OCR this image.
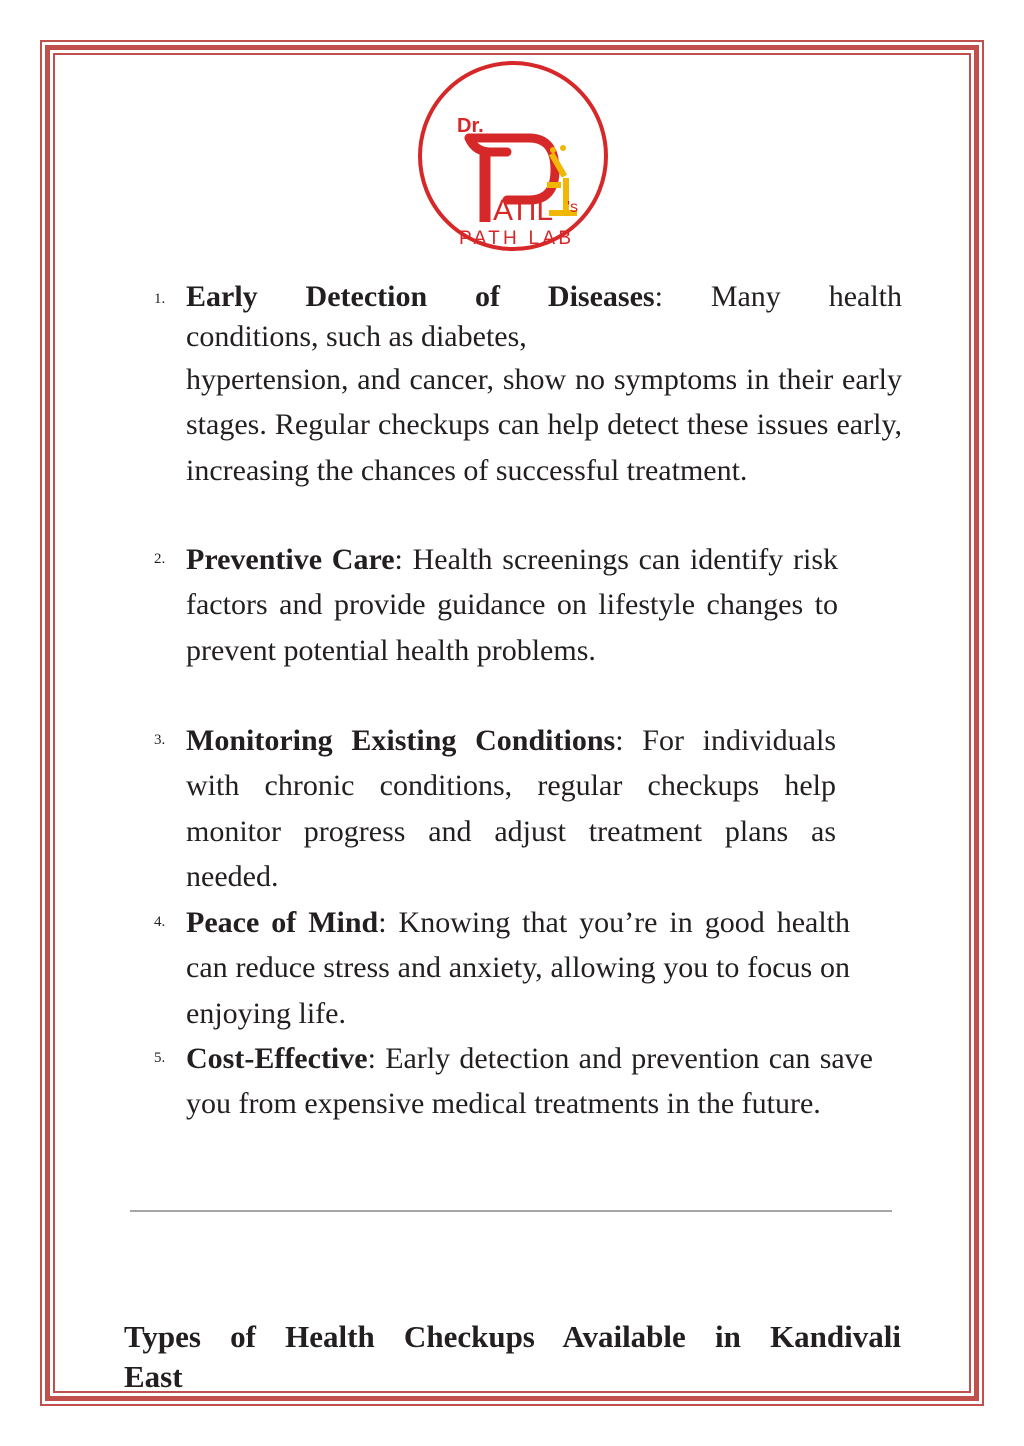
Dr.
ATIL 's
PATH LAB
1. Early Detection of Diseases: Many health
conditions, such as diabetes,
hypertension, and cancer, show no symptoms in their early stages. Regular checkups can help detect these issues early, increasing the chances of successful treatment.
2. Preventive Care: Health screenings can identify risk factors and provide guidance on lifestyle changes to prevent potential health problems.
3. Monitoring Existing Conditions: For individuals with chronic conditions, regular checkups help monitor progress and adjust treatment plans as needed.
4. Peace of Mind: Knowing that you’re in good health can reduce stress and anxiety, allowing you to focus on enjoying life.
5. Cost-Effective: Early detection and prevention can save you from expensive medical treatments in the future.
Types of Health Checkups Available in Kandivali
East
